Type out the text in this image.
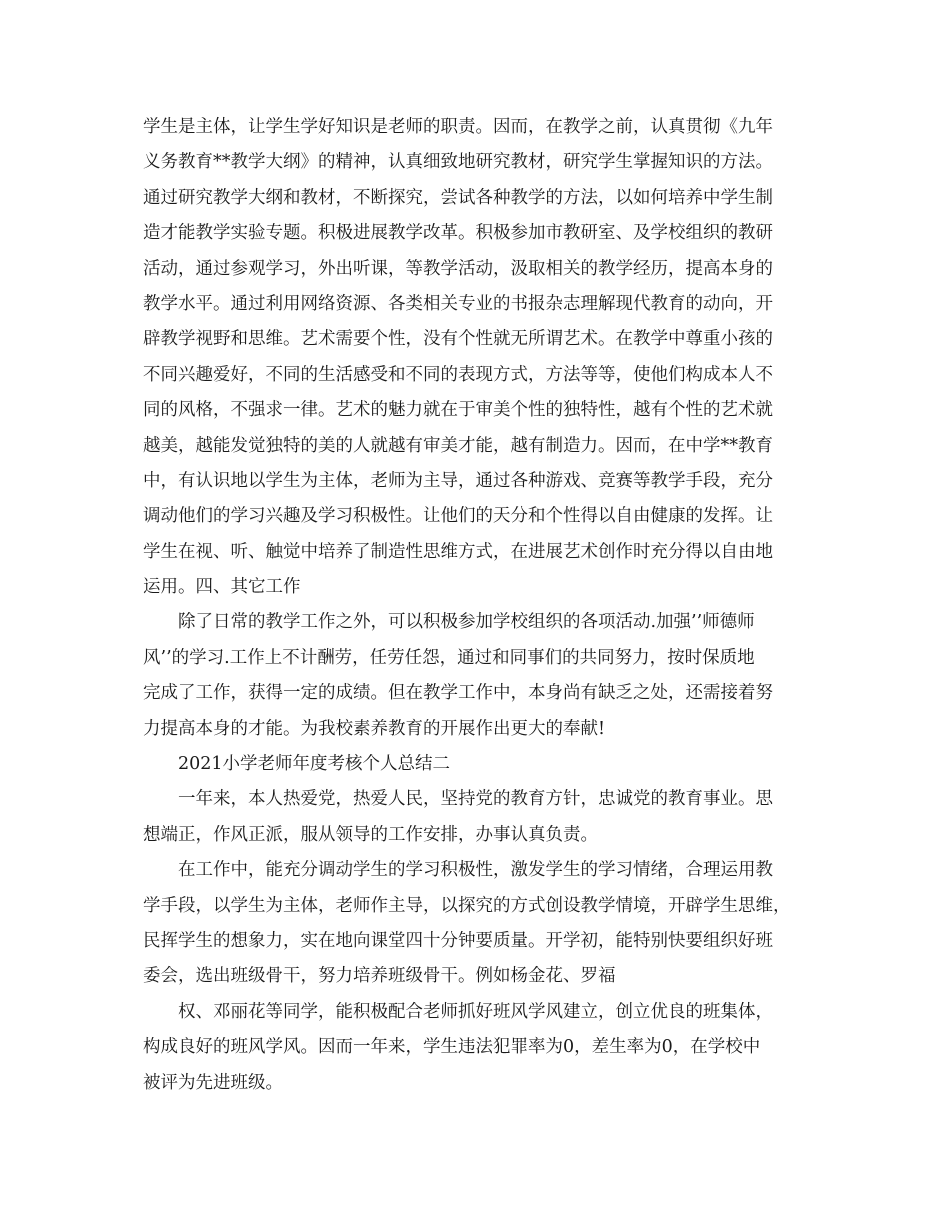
学生是主体，让学生学好知识是老师的职责。因而，在教学之前，认真贯彻《九年
义务教育**教学大纲》的精神，认真细致地研究教材，研究学生掌握知识的方法。
通过研究教学大纲和教材，不断探究，尝试各种教学的方法，以如何培养中学生制
造才能教学实验专题。积极进展教学改革。积极参加市教研室、及学校组织的教研
活动，通过参观学习，外出听课，等教学活动，汲取相关的教学经历，提高本身的
教学水平。通过利用网络资源、各类相关专业的书报杂志理解现代教育的动向，开
辟教学视野和思维。艺术需要个性，没有个性就无所谓艺术。在教学中尊重小孩的
不同兴趣爱好，不同的生活感受和不同的表现方式，方法等等，使他们构成本人不
同的风格，不强求一律。艺术的魅力就在于审美个性的独特性，越有个性的艺术就
越美，越能发觉独特的美的人就越有审美才能，越有制造力。因而，在中学**教育
中，有认识地以学生为主体，老师为主导，通过各种游戏、竞赛等教学手段，充分
调动他们的学习兴趣及学习积极性。让他们的天分和个性得以自由健康的发挥。让
学生在视、听、触觉中培养了制造性思维方式，在进展艺术创作时充分得以自由地
运用。四、其它工作
除了日常的教学工作之外，可以积极参加学校组织的各项活动.加强’’师德师
风’’的学习.工作上不计酬劳，任劳任怨，通过和同事们的共同努力，按时保质地
完成了工作，获得一定的成绩。但在教学工作中，本身尚有缺乏之处，还需接着努
力提高本身的才能。为我校素养教育的开展作出更大的奉献!
2021小学老师年度考核个人总结二
一年来，本人热爱党，热爱人民，坚持党的教育方针，忠诚党的教育事业。思
想端正，作风正派，服从领导的工作安排，办事认真负责。
在工作中，能充分调动学生的学习积极性，激发学生的学习情绪，合理运用教
学手段，以学生为主体，老师作主导，以探究的方式创设教学情境，开辟学生思维，
民挥学生的想象力，实在地向课堂四十分钟要质量。开学初，能特别快要组织好班
委会，选出班级骨干，努力培养班级骨干。例如杨金花、罗福
权、邓丽花等同学，能积极配合老师抓好班风学风建立，创立优良的班集体，
构成良好的班风学风。因而一年来，学生违法犯罪率为0，差生率为0，在学校中
被评为先进班级。
